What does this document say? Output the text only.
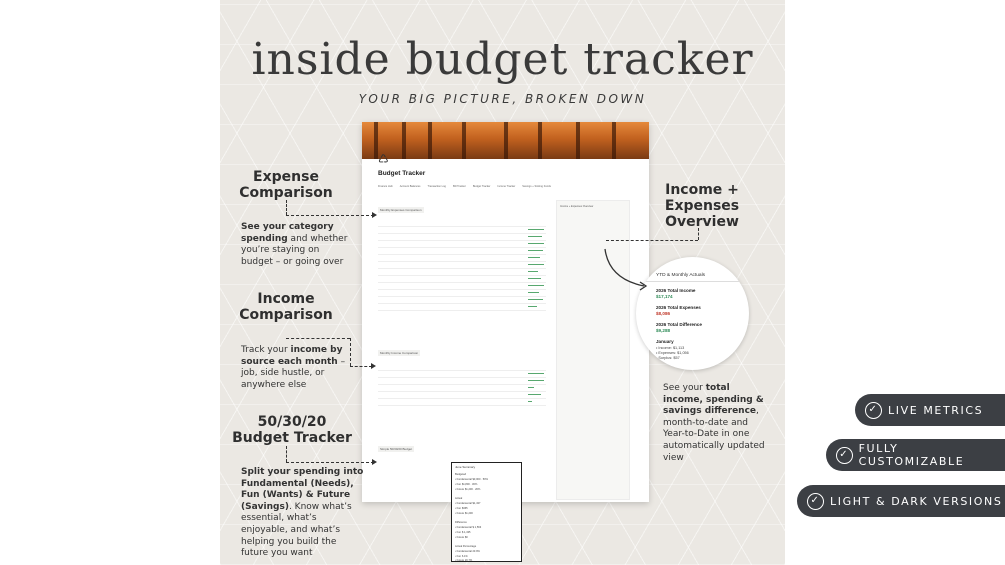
inside budget tracker
YOUR BIG PICTURE, BROKEN DOWN
♺
Budget Tracker
Finance Hub	Account Balances	Transaction Log	Bill Tracker	Budget Tracker	Income Tracker	Savings + Sinking Funds
Monthly Expenses Comparison
Monthly Income Comparison
Simple 50/30/20 Budget
Income + Expenses Overview
June Summary
Budgeted
• Fundamental $3,000 · 50%
• Fun $1,800 · 30%
• Future $1,200 · 20%
Actual
• Fundamental $1,437
• Fun $365
• Future $1,200
Difference
• Fundamental $ 1,563
• Fun $ 1,435
• Future $0
Actual Percentage
• Fundamental 23.9%
• Fun 6.1%
• Future 20.7%
YTD & Monthly Actuals
2026 Total Income
$17,174
2026 Total Expenses
$8,086
2026 Total Difference
$9,288
January
• Income: $1,113
• Expenses: $1,056
• Surplus: $57
Expense
Comparison
See your category spending and whether you’re staying on budget – or going over
Income
Comparison
Track your income by source each month – job, side hustle, or anywhere else
50/30/20
Budget Tracker
Split your spending into Fundamental (Needs), Fun (Wants) & Future (Savings). Know what’s essential, what’s enjoyable, and what’s helping you build the future you want
Income +
Expenses
Overview
See your total income, spending & savings difference, month-to-date and Year-to-Date in one automatically updated view
✓ LIVE METRICS
✓ FULLY CUSTOMIZABLE
✓ LIGHT & DARK VERSIONS
